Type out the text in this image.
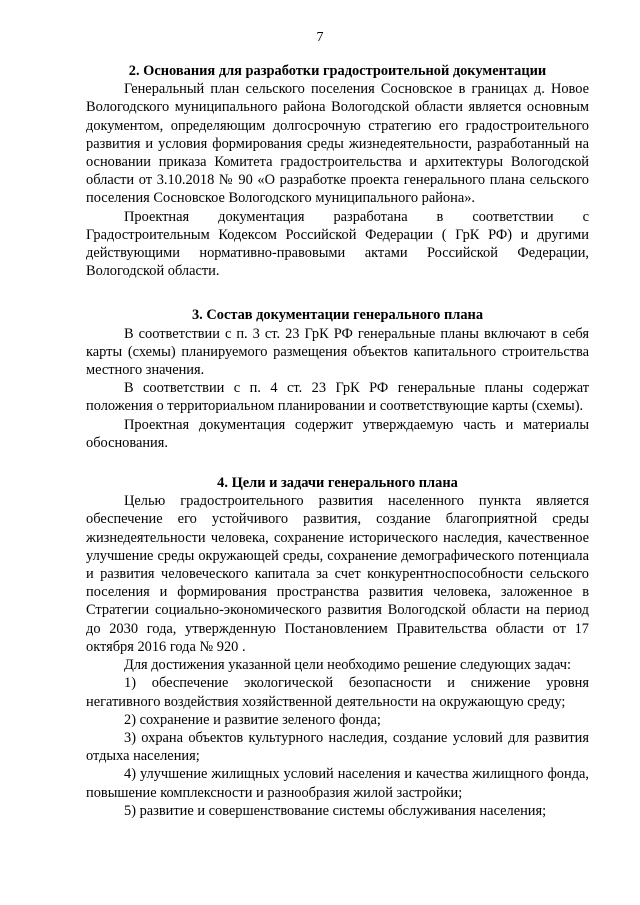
7
2. Основания для разработки градостроительной документации

Генеральный план сельского поселения Сосновское в границах д. Новое Вологодского муниципального района Вологодской области является основным документом, определяющим долгосрочную стратегию его градостроительного развития и условия формирования среды жизнедеятельности, разработанный на основании приказа Комитета градостроительства и архитектуры Вологодской области от 3.10.2018 № 90 «О разработке проекта генерального плана сельского поселения Сосновское Вологодского муниципального района».

Проектная документация разработана в соответствии с Градостроительным Кодексом Российской Федерации ( ГрК РФ) и другими действующими нормативно-правовыми актами Российской Федерации, Вологодской области.

3. Состав документации генерального плана

В соответствии с п. 3 ст. 23 ГрК РФ генеральные планы включают в себя карты (схемы) планируемого размещения объектов капитального строительства местного значения.

В соответствии с п. 4 ст. 23 ГрК РФ генеральные планы содержат положения о территориальном планировании и соответствующие карты (схемы).

Проектная документация содержит утверждаемую часть и материалы обоснования.

4. Цели и задачи генерального плана

Целью градостроительного развития населенного пункта является обеспечение его устойчивого развития, создание благоприятной среды жизнедеятельности человека, сохранение исторического наследия, качественное улучшение среды окружающей среды, сохранение демографического потенциала и развития человеческого капитала за счет конкурентноспособности сельского поселения и формирования пространства развития человека, заложенное в Стратегии социально-экономического развития Вологодской области на период до 2030 года, утвержденную Постановлением Правительства области от 17 октября 2016 года № 920 .

Для достижения указанной цели необходимо решение следующих задач:

1) обеспечение экологической безопасности и снижение уровня негативного воздействия хозяйственной деятельности на окружающую среду;

2) сохранение и развитие зеленого фонда;

3) охрана объектов культурного наследия, создание условий для развития отдыха населения;

4) улучшение жилищных условий населения и качества жилищного фонда, повышение комплексности и разнообразия жилой застройки;

5) развитие и совершенствование системы обслуживания населения;
